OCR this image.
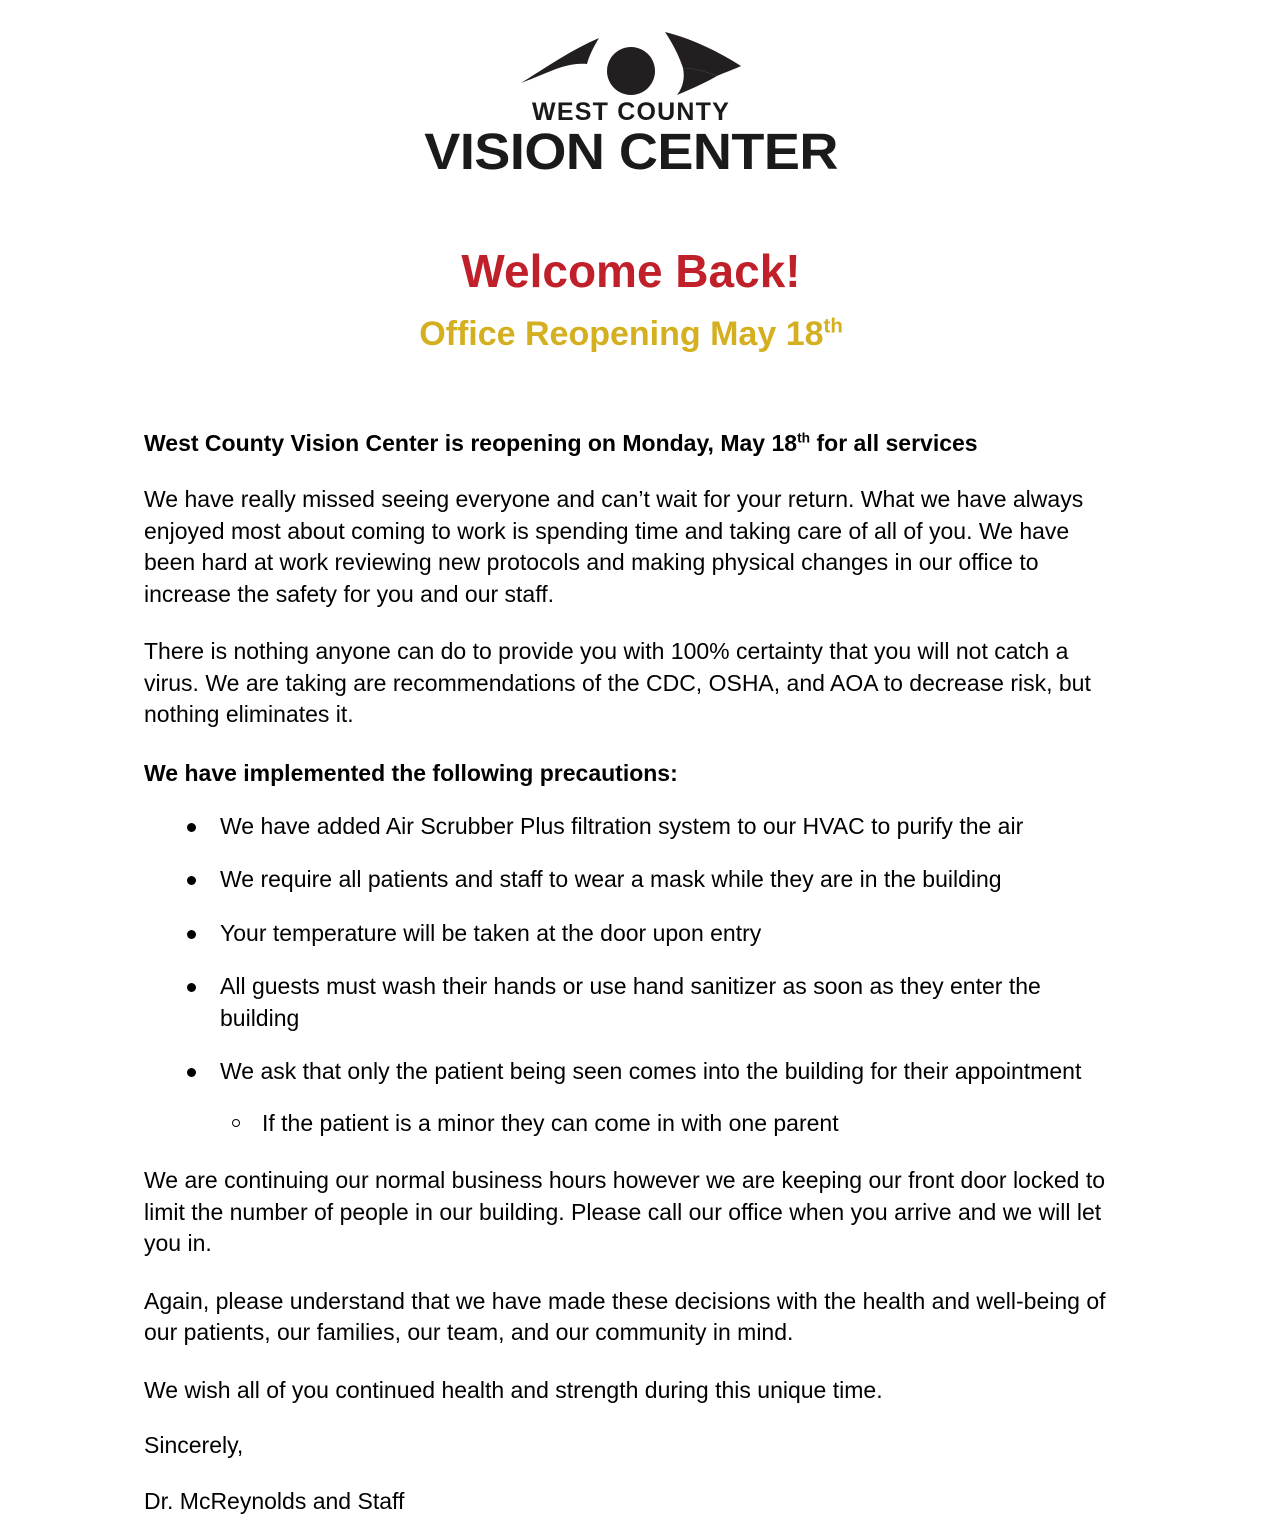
WEST COUNTY
VISION CENTER
Welcome Back!
Office Reopening May 18th

West County Vision Center is reopening on Monday, May 18th for all services

We have really missed seeing everyone and can’t wait for your return. What we have always enjoyed most about coming to work is spending time and taking care of all of you. We have been hard at work reviewing new protocols and making physical changes in our office to increase the safety for you and our staff.

There is nothing anyone can do to provide you with 100% certainty that you will not catch a virus. We are taking are recommendations of the CDC, OSHA, and AOA to decrease risk, but nothing eliminates it.

We have implemented the following precautions:

We have added Air Scrubber Plus filtration system to our HVAC to purify the air
We require all patients and staff to wear a mask while they are in the building
Your temperature will be taken at the door upon entry
All guests must wash their hands or use hand sanitizer as soon as they enter the building
We ask that only the patient being seen comes into the building for their appointment
If the patient is a minor they can come in with one parent

We are continuing our normal business hours however we are keeping our front door locked to limit the number of people in our building. Please call our office when you arrive and we will let you in.

Again, please understand that we have made these decisions with the health and well-being of our patients, our families, our team, and our community in mind.

We wish all of you continued health and strength during this unique time.

Sincerely,

Dr. McReynolds and Staff
